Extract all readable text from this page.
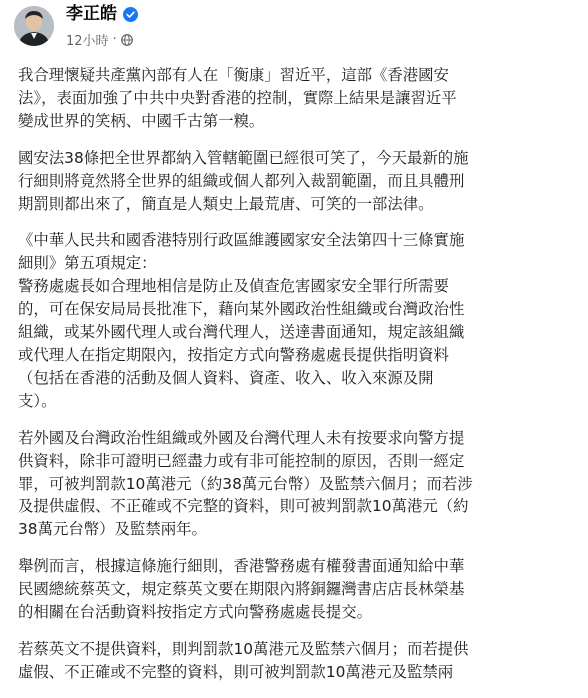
李正皓
12小時 ·

我合理懷疑共產黨內部有人在「衡康」習近平，這部《香港國安
法》，表面加強了中共中央對香港的控制，實際上結果是讓習近平
變成世界的笑柄、中國千古第一糗。

國安法38條把全世界都納入管轄範圍已經很可笑了，今天最新的施
行細則將竟然將全世界的組織或個人都列入裁罰範圍，而且具體刑
期罰則都出來了，簡直是人類史上最荒唐、可笑的一部法律。

《中華人民共和國香港特別行政區維護國家安全法第四十三條實施
細則》第五項規定：
警務處處長如合理地相信是防止及偵查危害國家安全罪行所需要
的，可在保安局局長批准下，藉向某外國政治性組織或台灣政治性
組織，或某外國代理人或台灣代理人，送達書面通知，規定該組織
或代理人在指定期限內，按指定方式向警務處處長提供指明資料
（包括在香港的活動及個人資料、資產、收入、收入來源及開
支）。

若外國及台灣政治性組織或外國及台灣代理人未有按要求向警方提
供資料，除非可證明已經盡力或有非可能控制的原因，否則一經定
罪，可被判罰款10萬港元（約38萬元台幣）及監禁六個月；而若涉
及提供虛假、不正確或不完整的資料，則可被判罰款10萬港元（約
38萬元台幣）及監禁兩年。

舉例而言，根據這條施行細則，香港警務處有權發書面通知給中華
民國總統蔡英文，規定蔡英文要在期限內將銅鑼灣書店店長林榮基
的相關在台活動資料按指定方式向警務處處長提交。

若蔡英文不提供資料，則判罰款10萬港元及監禁六個月；而若提供
虛假、不正確或不完整的資料，則可被判罰款10萬港元及監禁兩
